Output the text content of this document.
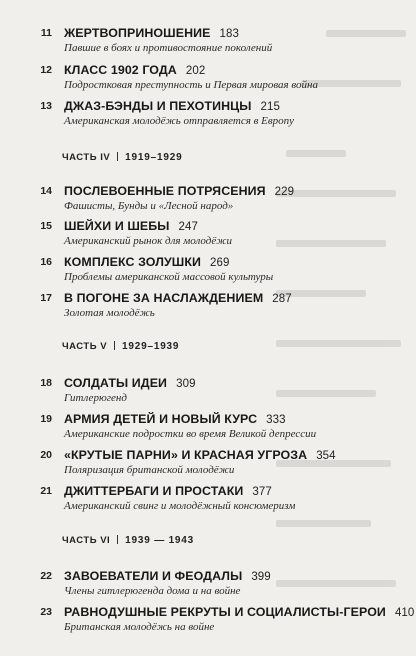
11 ЖЕРТВОПРИНОШЕНИЕ 183
Павшие в боях и противостояние поколений
12 КЛАСС 1902 ГОДА 202
Подростковая преступность и Первая мировая война
13 ДЖАЗ-БЭНДЫ И ПЕХОТИНЦЫ 215
Американская молодёжь отправляется в Европу
ЧАСТЬ IV 1919–1929
14 ПОСЛЕВОЕННЫЕ ПОТРЯСЕНИЯ 229
Фашисты, Бунды и «Лесной народ»
15 ШЕЙХИ И ШЕБЫ 247
Американский рынок для молодёжи
16 КОМПЛЕКС ЗОЛУШКИ 269
Проблемы американской массовой культуры
17 В ПОГОНЕ ЗА НАСЛАЖДЕНИЕМ 287
Золотая молодёжь
ЧАСТЬ V 1929–1939
18 СОЛДАТЫ ИДЕИ 309
Гитлерюгенд
19 АРМИЯ ДЕТЕЙ И НОВЫЙ КУРС 333
Американские подростки во время Великой депрессии
20 «КРУТЫЕ ПАРНИ» И КРАСНАЯ УГРОЗА 354
Поляризация британской молодёжи
21 ДЖИТТЕРБАГИ И ПРОСТАКИ 377
Американский свинг и молодёжный консюмеризм
ЧАСТЬ VI 1939 — 1943
22 ЗАВОЕВАТЕЛИ И ФЕОДАЛЫ 399
Члены гитлерюгенда дома и на войне
23 РАВНОДУШНЫЕ РЕКРУТЫ И СОЦИАЛИСТЫ-ГЕРОИ 410
Британская молодёжь на войне
